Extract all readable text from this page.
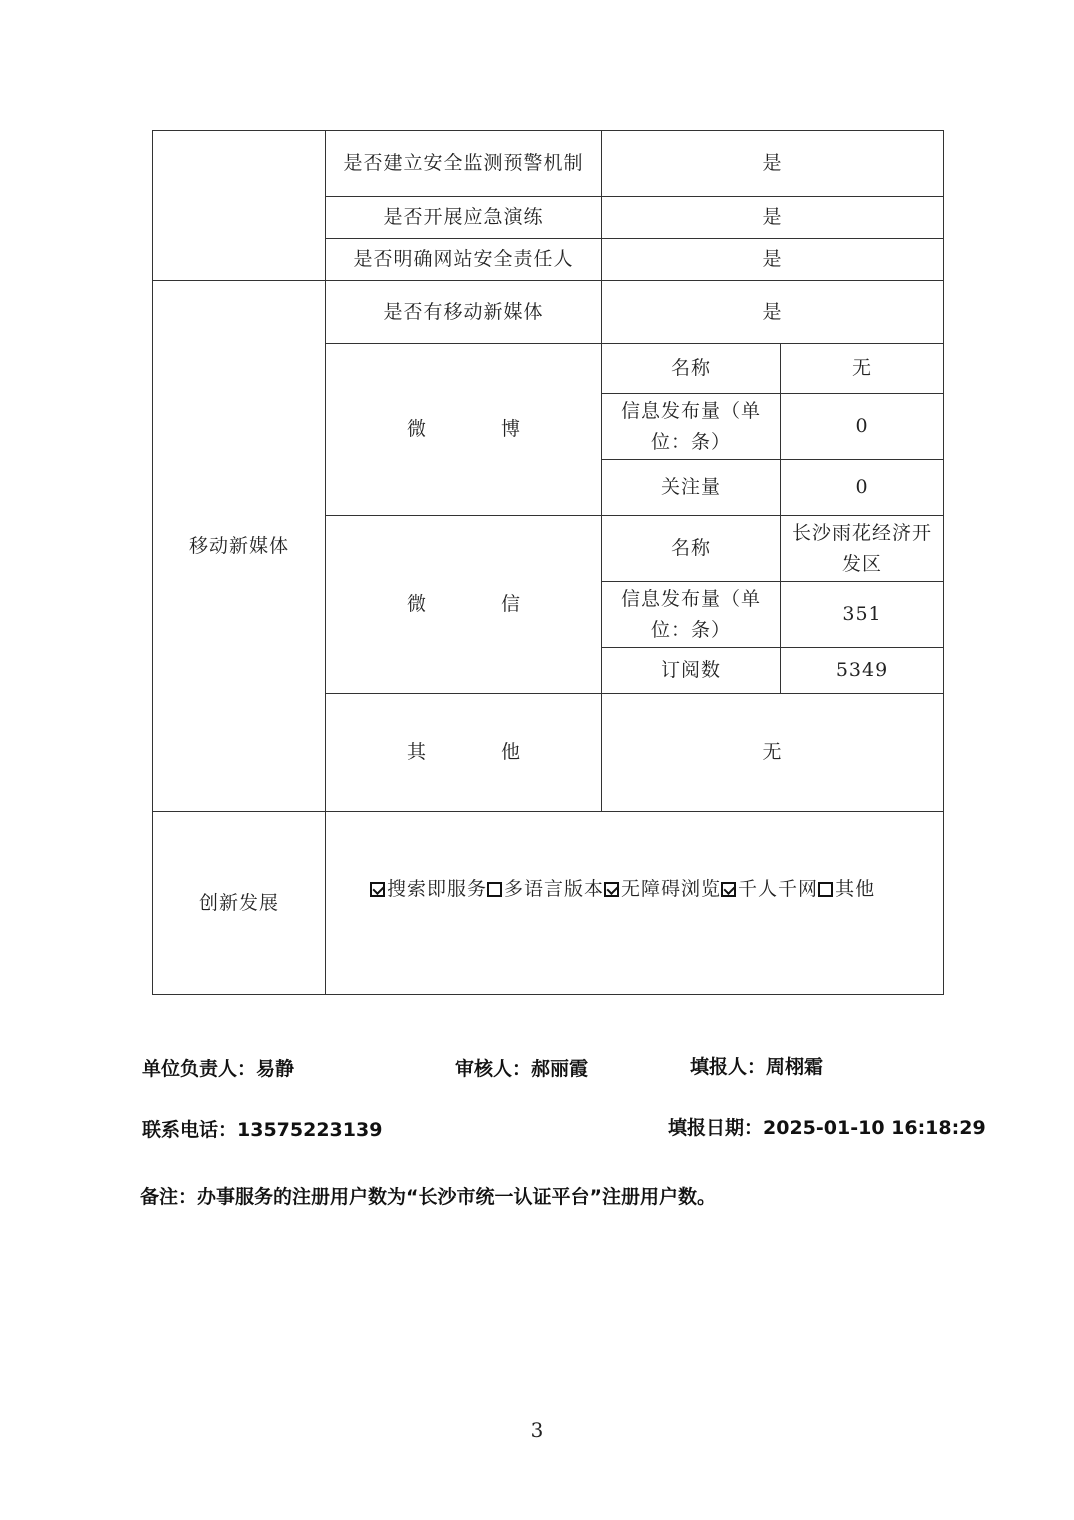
	是否建立安全监测预警机制	是	
	是否开展应急演练	是	
	是否明确网站安全责任人	是	
移动新媒体	是否有移动新媒体	是	
	微　博	名称	无
		信息发布量（单位：条）	0
		关注量	0
	微　信	名称	长沙雨花经济开发区
		信息发布量（单位：条）	351
		订阅数	5349
	其　他	无	
创新发展	搜索即服务 多语言版本 无障碍浏览 千人千网 其他		
单位负责人：易静	审核人：郝丽霞	填报人：周栩霜
联系电话：13575223139	填报日期：2025-01-10 16:18:29
备注：办事服务的注册用户数为“长沙市统一认证平台”注册用户数。
3
